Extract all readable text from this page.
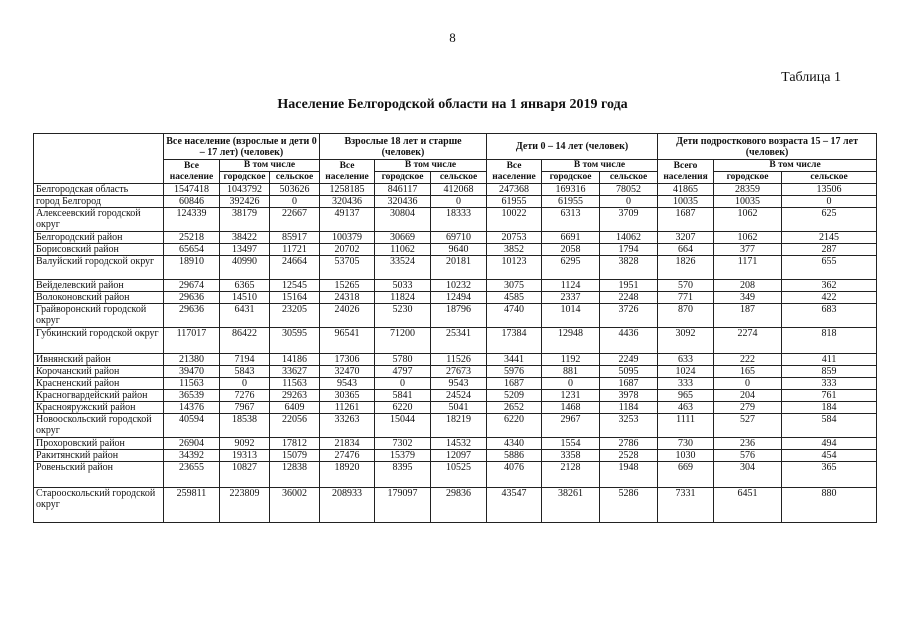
8
Таблица 1
Население Белгородской области на 1 января 2019 года
	Все население (взрослые и дети 0 – 17 лет) (человек)			Взрослые 18 лет и старше (человек)			Дети 0 – 14 лет (человек)			Дети подросткового возраста 15 – 17 лет (человек)		
	Все население	В том числе		Все население	В том числе		Все население	В том числе		Всего населения	В том числе	
		городское	сельское		городское	сельское		городское	сельское		городское	сельское
Белгородская область	1547418	1043792	503626	1258185	846117	412068	247368	169316	78052	41865	28359	13506
город Белгород	60846	392426	0	320436	320436	0	61955	61955	0	10035	10035	0
Алексеевский городской округ	124339	38179	22667	49137	30804	18333	10022	6313	3709	1687	1062	625
Белгородский район	25218	38422	85917	100379	30669	69710	20753	6691	14062	3207	1062	2145
Борисовский район	65654	13497	11721	20702	11062	9640	3852	2058	1794	664	377	287
Валуйский городской округ	18910	40990	24664	53705	33524	20181	10123	6295	3828	1826	1171	655
Вейделевский район	29674	6365	12545	15265	5033	10232	3075	1124	1951	570	208	362
Волоконовский район	29636	14510	15164	24318	11824	12494	4585	2337	2248	771	349	422
Грайворонский городской округ	29636	6431	23205	24026	5230	18796	4740	1014	3726	870	187	683
Губкинский городской округ	117017	86422	30595	96541	71200	25341	17384	12948	4436	3092	2274	818
Ивнянский район	21380	7194	14186	17306	5780	11526	3441	1192	2249	633	222	411
Корочанский район	39470	5843	33627	32470	4797	27673	5976	881	5095	1024	165	859
Красненский район	11563	0	11563	9543	0	9543	1687	0	1687	333	0	333
Красногвардейский район	36539	7276	29263	30365	5841	24524	5209	1231	3978	965	204	761
Краснояружский район	14376	7967	6409	11261	6220	5041	2652	1468	1184	463	279	184
Новооскольский городской округ	40594	18538	22056	33263	15044	18219	6220	2967	3253	1111	527	584
Прохоровский район	26904	9092	17812	21834	7302	14532	4340	1554	2786	730	236	494
Ракитянский район	34392	19313	15079	27476	15379	12097	5886	3358	2528	1030	576	454
Ровеньский район	23655	10827	12838	18920	8395	10525	4076	2128	1948	669	304	365
Старооскольский городской округ	259811	223809	36002	208933	179097	29836	43547	38261	5286	7331	6451	880
